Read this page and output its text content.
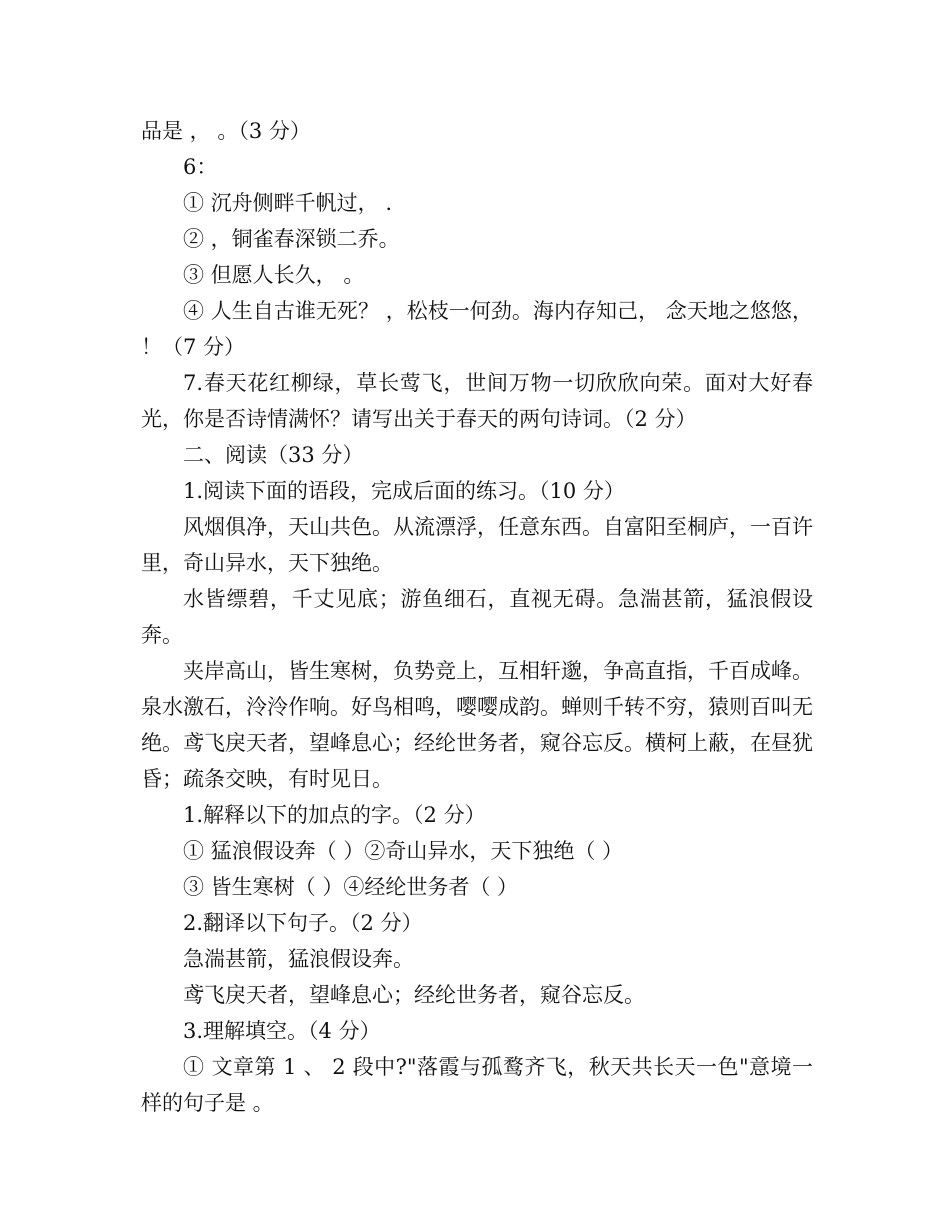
品是 ， 。（3 分）

6：

① 沉舟侧畔千帆过， .

② ，铜雀春深锁二乔。

③ 但愿人长久， 。

④ 人生自古谁无死？ ，松枝一何劲。海内存知己， 念天地之悠悠， ！（7 分）

7.春天花红柳绿，草长莺飞，世间万物一切欣欣向荣。面对大好春光，你是否诗情满怀？请写出关于春天的两句诗词。（2 分）

二、阅读（33 分）

1.阅读下面的语段，完成后面的练习。（10 分）

风烟俱净，天山共色。从流漂浮，任意东西。自富阳至桐庐，一百许里，奇山异水，天下独绝。

水皆缥碧，千丈见底；游鱼细石，直视无碍。急湍甚箭，猛浪假设奔。

夹岸高山，皆生寒树，负势竞上，互相轩邈，争高直指，千百成峰。泉水激石，泠泠作响。好鸟相鸣，嘤嘤成韵。蝉则千转不穷，猿则百叫无绝。鸢飞戾天者，望峰息心；经纶世务者，窥谷忘反。横柯上蔽，在昼犹昏；疏条交映，有时见日。

1.解释以下的加点的字。（2 分）

① 猛浪假设奔（ ）②奇山异水，天下独绝（ ）

③ 皆生寒树（ ）④经纶世务者（ ）

2.翻译以下句子。（2 分）

急湍甚箭，猛浪假设奔。

鸢飞戾天者，望峰息心；经纶世务者，窥谷忘反。

3.理解填空。（4 分）

① 文章第 1 、 2 段中?"落霞与孤鹜齐飞，秋天共长天一色"意境一样的句子是 。
